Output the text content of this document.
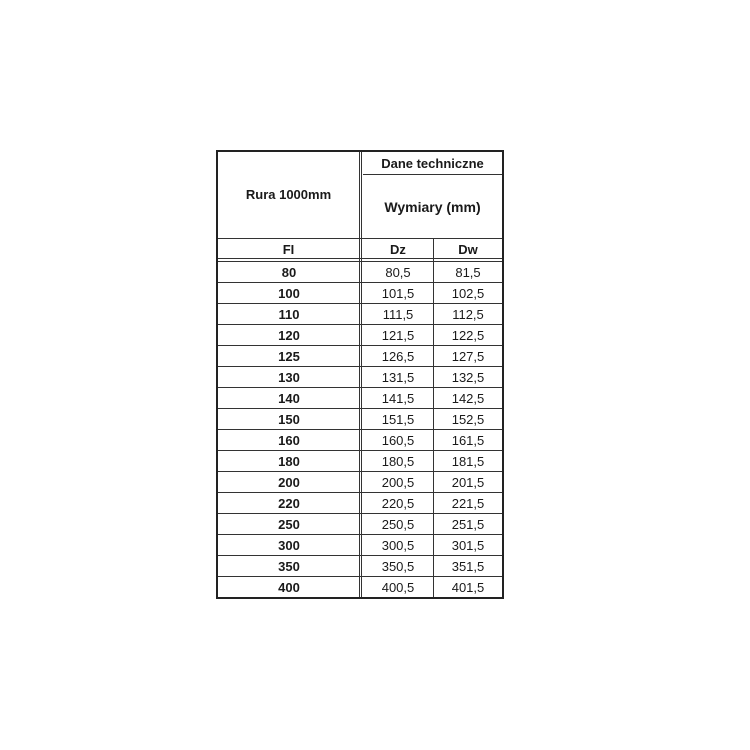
Rura 1000mm
Dane techniczne
Wymiary (mm)
FI	Dz	Dw
80	80,5	81,5
100	101,5	102,5
110	111,5	112,5
120	121,5	122,5
125	126,5	127,5
130	131,5	132,5
140	141,5	142,5
150	151,5	152,5
160	160,5	161,5
180	180,5	181,5
200	200,5	201,5
220	220,5	221,5
250	250,5	251,5
300	300,5	301,5
350	350,5	351,5
400	400,5	401,5
